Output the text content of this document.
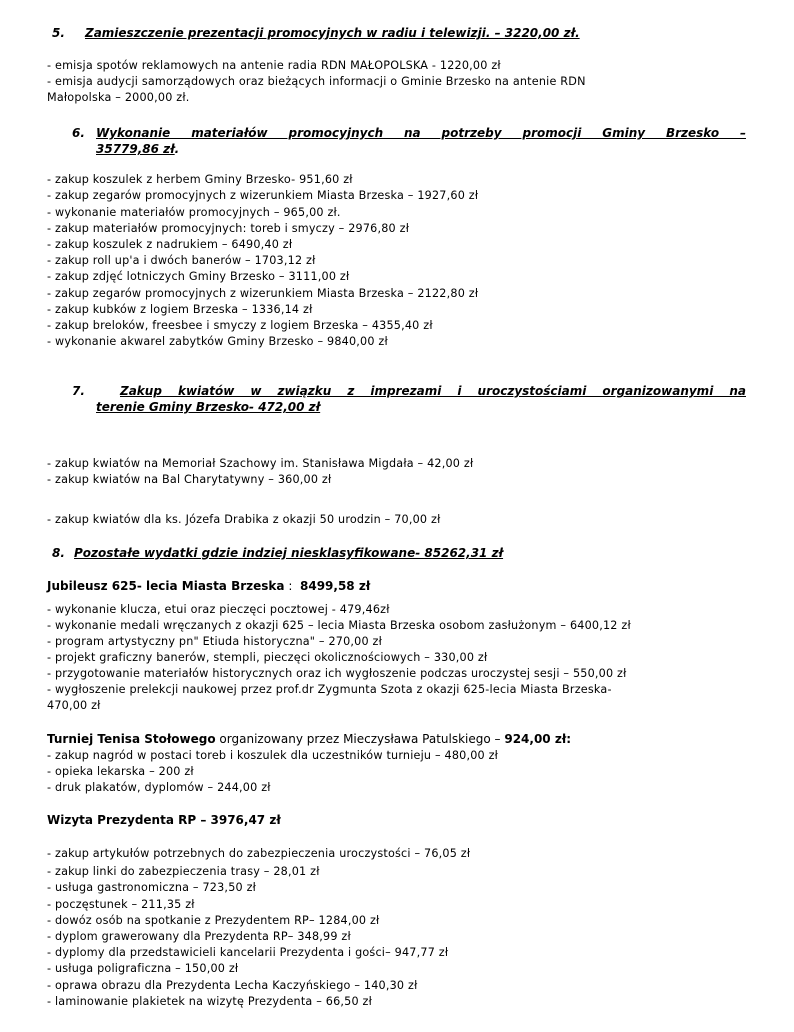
5. Zamieszczenie prezentacji promocyjnych w radiu i telewizji. – 3220,00 zł.
- emisja spotów reklamowych na antenie radia RDN MAŁOPOLSKA - 1220,00 zł
- emisja audycji samorządowych oraz bieżących informacji o Gminie Brzesko na antenie RDN
Małopolska – 2000,00 zł.
6. Wykonanie materiałów promocyjnych na potrzeby promocji Gminy Brzesko –
35779,86 zł.
- zakup koszulek z herbem Gminy Brzesko- 951,60 zł
- zakup zegarów promocyjnych z wizerunkiem Miasta Brzeska – 1927,60 zł
- wykonanie materiałów promocyjnych – 965,00 zł.
- zakup materiałów promocyjnych: toreb i smyczy – 2976,80 zł
- zakup koszulek z nadrukiem – 6490,40 zł
- zakup roll up'a i dwóch banerów – 1703,12 zł
- zakup zdjęć lotniczych Gminy Brzesko – 3111,00 zł
- zakup zegarów promocyjnych z wizerunkiem Miasta Brzeska – 2122,80 zł
- zakup kubków z logiem Brzeska – 1336,14 zł
- zakup breloków, freesbee i smyczy z logiem Brzeska – 4355,40 zł
- wykonanie akwarel zabytków Gminy Brzesko – 9840,00 zł
7.	Zakup kwiatów w związku z imprezami i uroczystościami organizowanymi na
terenie Gminy Brzesko- 472,00 zł
- zakup kwiatów na Memoriał Szachowy im. Stanisława Migdała – 42,00 zł
- zakup kwiatów na Bal Charytatywny – 360,00 zł
- zakup kwiatów dla ks. Józefa Drabika z okazji 50 urodzin – 70,00 zł
8. Pozostałe wydatki gdzie indziej niesklasyfikowane- 85262,31 zł
Jubileusz 625- lecia Miasta Brzeska :  8499,58 zł
- wykonanie klucza, etui oraz pieczęci pocztowej - 479,46zł
- wykonanie medali wręczanych z okazji 625 – lecia Miasta Brzeska osobom zasłużonym – 6400,12 zł
- program artystyczny pn" Etiuda historyczna" – 270,00 zł
- projekt graficzny banerów, stempli, pieczęci okolicznościowych – 330,00 zł
- przygotowanie materiałów historycznych oraz ich wygłoszenie podczas uroczystej sesji – 550,00 zł
- wygłoszenie prelekcji naukowej przez prof.dr Zygmunta Szota z okazji 625-lecia Miasta Brzeska-
470,00 zł
Turniej Tenisa Stołowego organizowany przez Mieczysława Patulskiego – 924,00 zł:
- zakup nagród w postaci toreb i koszulek dla uczestników turnieju – 480,00 zł
- opieka lekarska – 200 zł
- druk plakatów, dyplomów – 244,00 zł
Wizyta Prezydenta RP – 3976,47 zł
- zakup artykułów potrzebnych do zabezpieczenia uroczystości – 76,05 zł
- zakup linki do zabezpieczenia trasy – 28,01 zł
- usługa gastronomiczna – 723,50 zł
- poczęstunek – 211,35 zł
- dowóz osób na spotkanie z Prezydentem RP– 1284,00 zł
- dyplom grawerowany dla Prezydenta RP– 348,99 zł
- dyplomy dla przedstawicieli kancelarii Prezydenta i gości– 947,77 zł
- usługa poligraficzna – 150,00 zł
- oprawa obrazu dla Prezydenta Lecha Kaczyńskiego – 140,30 zł
- laminowanie plakietek na wizytę Prezydenta – 66,50 zł
